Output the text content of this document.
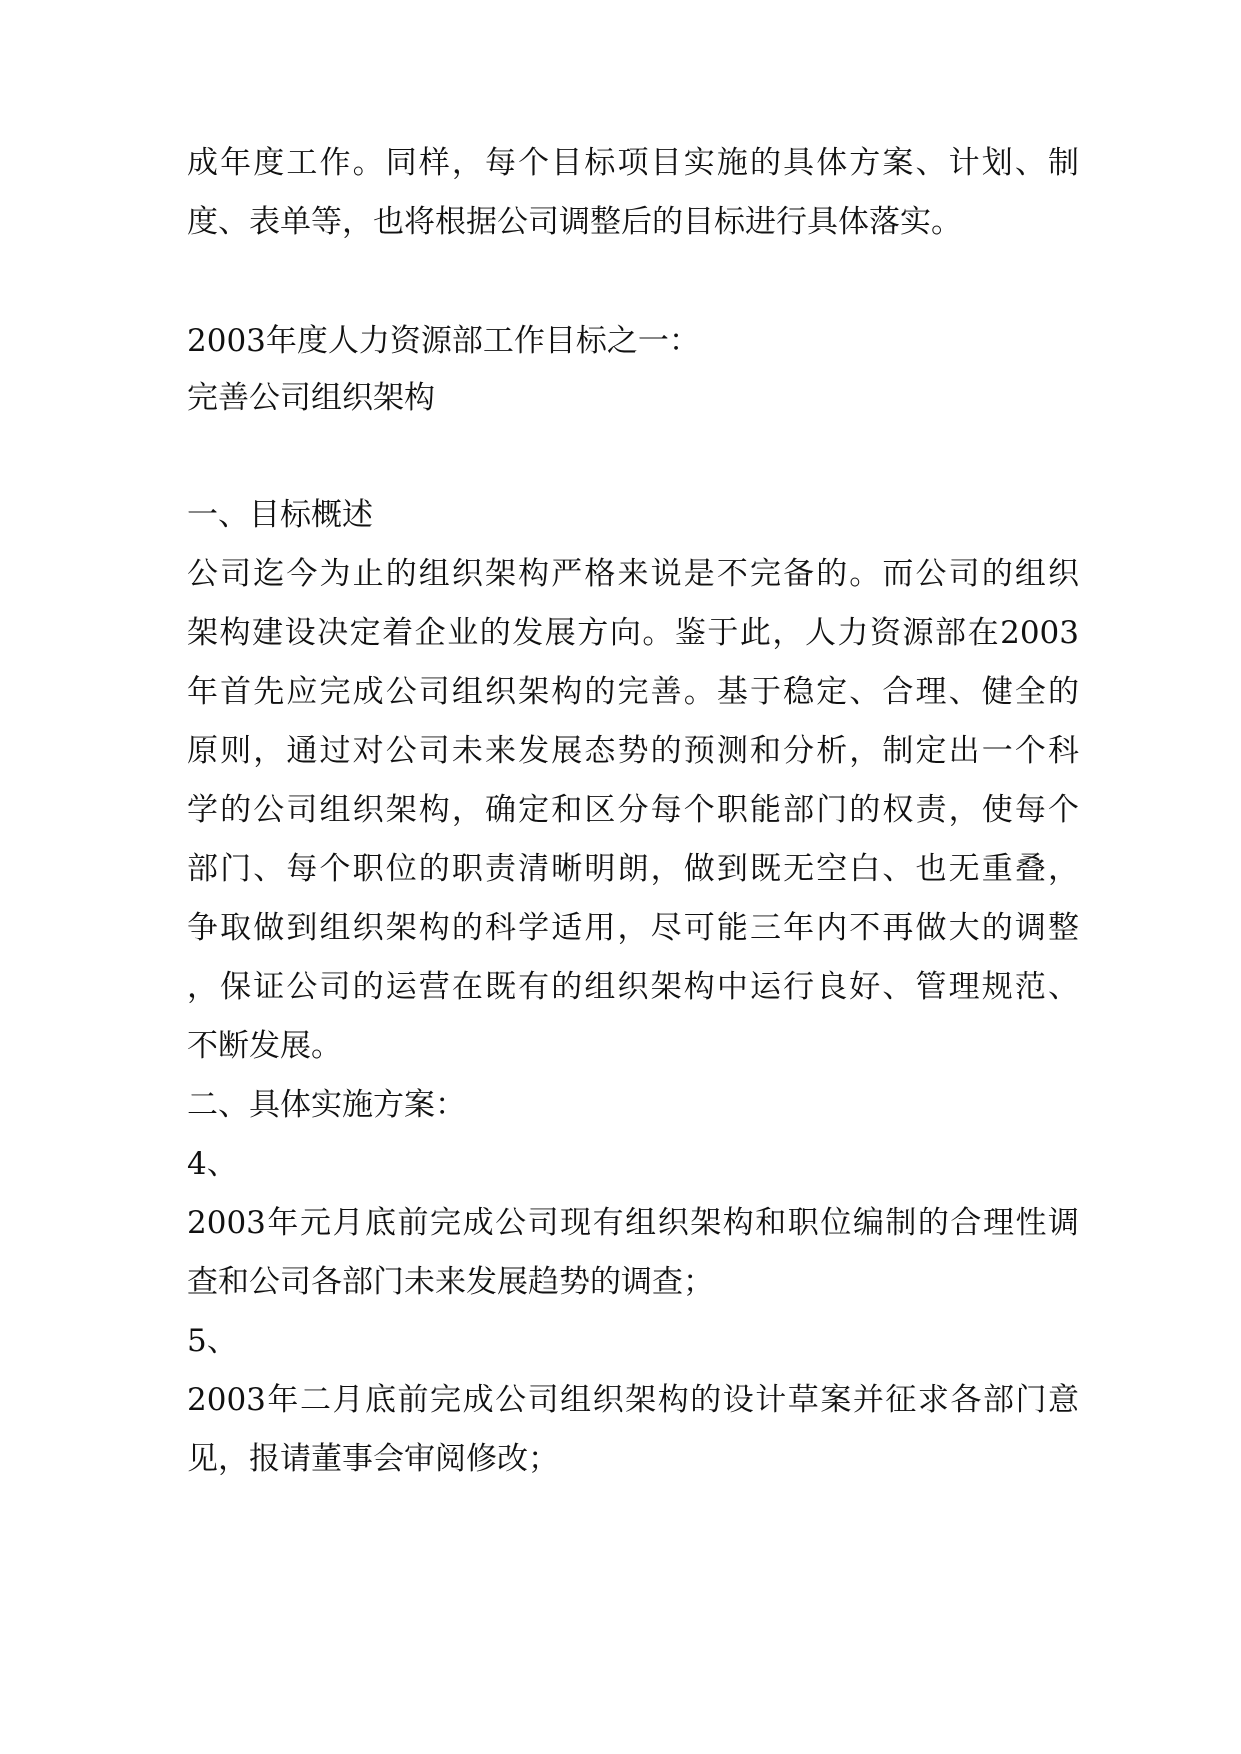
成年度工作。同样，每个目标项目实施的具体方案、计划、制
度、表单等，也将根据公司调整后的目标进行具体落实。
2003年度人力资源部工作目标之一：
完善公司组织架构
一、目标概述
公司迄今为止的组织架构严格来说是不完备的。而公司的组织
架构建设决定着企业的发展方向。鉴于此，人力资源部在2003
年首先应完成公司组织架构的完善。基于稳定、合理、健全的
原则，通过对公司未来发展态势的预测和分析，制定出一个科
学的公司组织架构，确定和区分每个职能部门的权责，使每个
部门、每个职位的职责清晰明朗，做到既无空白、也无重叠，
争取做到组织架构的科学适用，尽可能三年内不再做大的调整
，保证公司的运营在既有的组织架构中运行良好、管理规范、
不断发展。
二、具体实施方案：
4、
2003年元月底前完成公司现有组织架构和职位编制的合理性调
查和公司各部门未来发展趋势的调查；
5、
2003年二月底前完成公司组织架构的设计草案并征求各部门意
见，报请董事会审阅修改；
